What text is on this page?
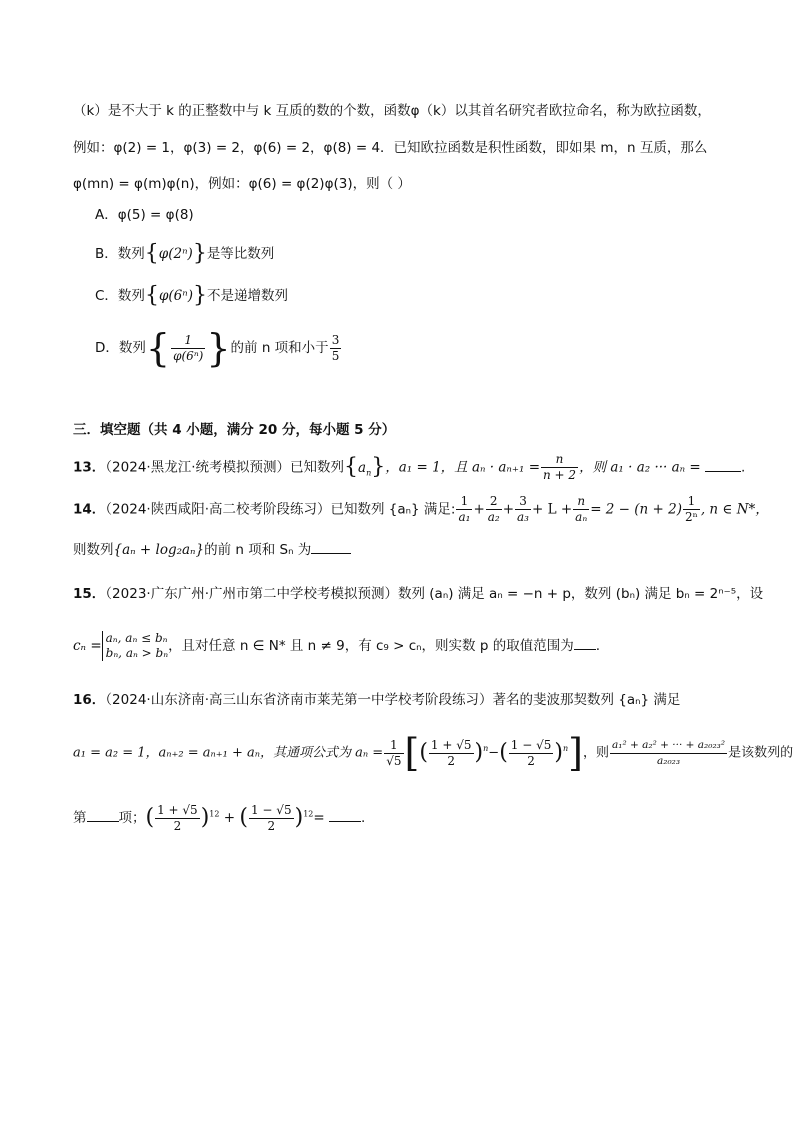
（k）是不大于 k 的正整数中与 k 互质的数的个数，函数φ（k）以其首名研究者欧拉命名，称为欧拉函数，
例如：φ(2) = 1，φ(3) = 2，φ(6) = 2，φ(8) = 4．已知欧拉函数是积性函数，即如果 m，n 互质，那么
φ(mn) = φ(m)φ(n)，例如：φ(6) = φ(2)φ(3)，则（ ）
A．φ(5) = φ(8)
B．数列{φ(2ⁿ)}是等比数列
C．数列{φ(6ⁿ)}不是递增数列
D．数列{ $\frac{1}{\text{φ(6ⁿ)}}$ }的前 n 项和小于 $\frac{3}{5}$
三．填空题（共 4 小题，满分 20 分，每小题 5 分）
13．（2024·黑龙江·统考模拟预测）已知数列$\{a_n\}$，a₁ = 1，且 $a_n \cdot a_{n+1} = \frac{n}{n + 2}$ ，则 a₁ · a₂ ··· aₙ =	.
14．（2024·陕西咸阳·高二校考阶段练习）已知数列 {aₙ} 满足: $\frac{1}{\text{a₁}} + \frac{2}{\text{a₂}} + \frac{3}{\text{a₃}} + L + \frac{n}{\text{aₙ}} = 2 - (n + 2) \frac{1}{\text{2ⁿ}}$ , n ∈ N*，
则数列{aₙ + log₂aₙ}的前 n 项和 Sₙ 为
15．（2023·广东广州·广州市第二中学校考模拟预测）数列 (aₙ) 满足 aₙ = −n + p，数列 (bₙ) 满足 bₙ = 2ⁿ⁻⁵，设
cₙ = aₙ, aₙ ≤ bₙ
bₙ, aₙ > bₙ ，且对任意 n ∈ N* 且 n ≠ 9，有 c₉ > cₙ，则实数 p 的取值范围为 .
16．（2024·山东济南·高三山东省济南市莱芜第一中学校考阶段练习）著名的斐波那契数列 {aₙ} 满足
a₁ = a₂ = 1，aₙ₊₂ = aₙ₊₁ + aₙ，其通项公式为 $a_n = \frac{1}{√5}$ [( $\frac{1 + √5}{2} )^n-( \frac{1 - √5}{2} )^n$]，则 $\frac{\text{a₁² + a₂² + ··· + a₂₀₂₃²}}{\text{a₂₀₂₃}}$ 是该数列的
第 项；( $\frac{1 + √5}{2} )^{12}$ + ( $\frac{1 - √5}{2} )^{12}=$	.
